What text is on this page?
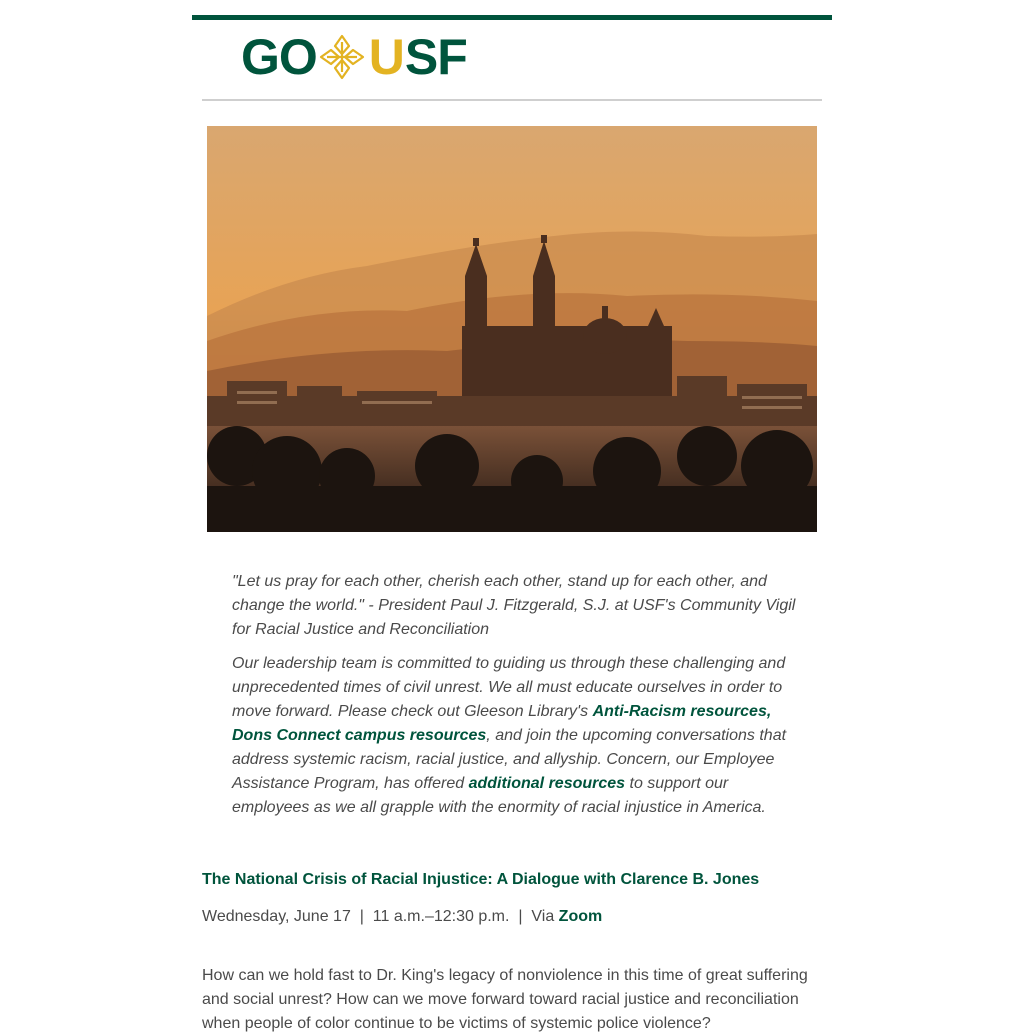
GO U SF

"Let us pray for each other, cherish each other, stand up for each other, and change the world." - President Paul J. Fitzgerald, S.J. at USF's Community Vigil for Racial Justice and Reconciliation

Our leadership team is committed to guiding us through these challenging and unprecedented times of civil unrest. We all must educate ourselves in order to move forward. Please check out Gleeson Library's Anti-Racism resources, Dons Connect campus resources, and join the upcoming conversations that address systemic racism, racial justice, and allyship. Concern, our Employee Assistance Program, has offered additional resources to support our employees as we all grapple with the enormity of racial injustice in America.

The National Crisis of Racial Injustice: A Dialogue with Clarence B. Jones
Wednesday, June 17  |  11 a.m.–12:30 p.m.  |  Via Zoom
How can we hold fast to Dr. King's legacy of nonviolence in this time of great suffering and social unrest? How can we move forward toward racial justice and reconciliation when people of color continue to be victims of systemic police violence?
